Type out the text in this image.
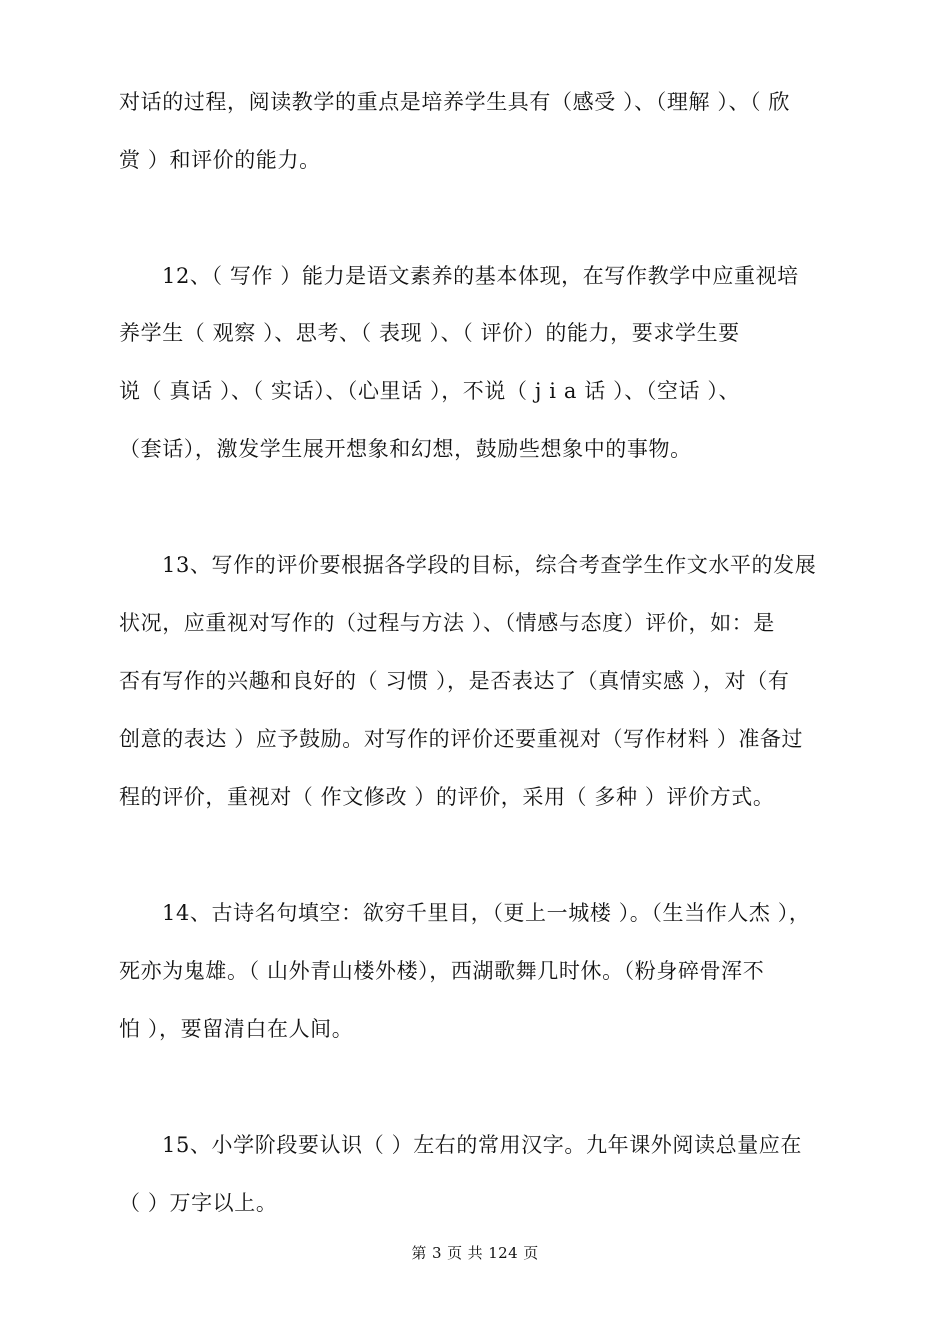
对话的过程，阅读教学的重点是培养学生具有（感受 ）、（理解 ）、（ 欣
赏 ）和评价的能力。
12、（ 写作 ）能力是语文素养的基本体现，在写作教学中应重视培
养学生（ 观察 ）、思考、（ 表现 ）、（ 评价）的能力，要求学生要
说（ 真话 ）、（ 实话）、（心里话 ），不说（ j i a 话 ）、（空话 ）、
（套话），激发学生展开想象和幻想，鼓励些想象中的事物。
13、写作的评价要根据各学段的目标，综合考查学生作文水平的发展
状况，应重视对写作的（过程与方法 ）、（情感与态度）评价，如：是
否有写作的兴趣和良好的（ 习惯 ），是否表达了（真情实感 ），对（有
创意的表达 ）应予鼓励。对写作的评价还要重视对（写作材料 ）准备过
程的评价，重视对（ 作文修改 ）的评价，采用（ 多种 ）评价方式。
14、古诗名句填空：欲穷千里目，（更上一城楼 ）。（生当作人杰 ），
死亦为鬼雄。（ 山外青山楼外楼），西湖歌舞几时休。（粉身碎骨浑不
怕 ），要留清白在人间。
15、小学阶段要认识（ ）左右的常用汉字。九年课外阅读总量应在
（ ）万字以上。
第 3 页 共 124 页
